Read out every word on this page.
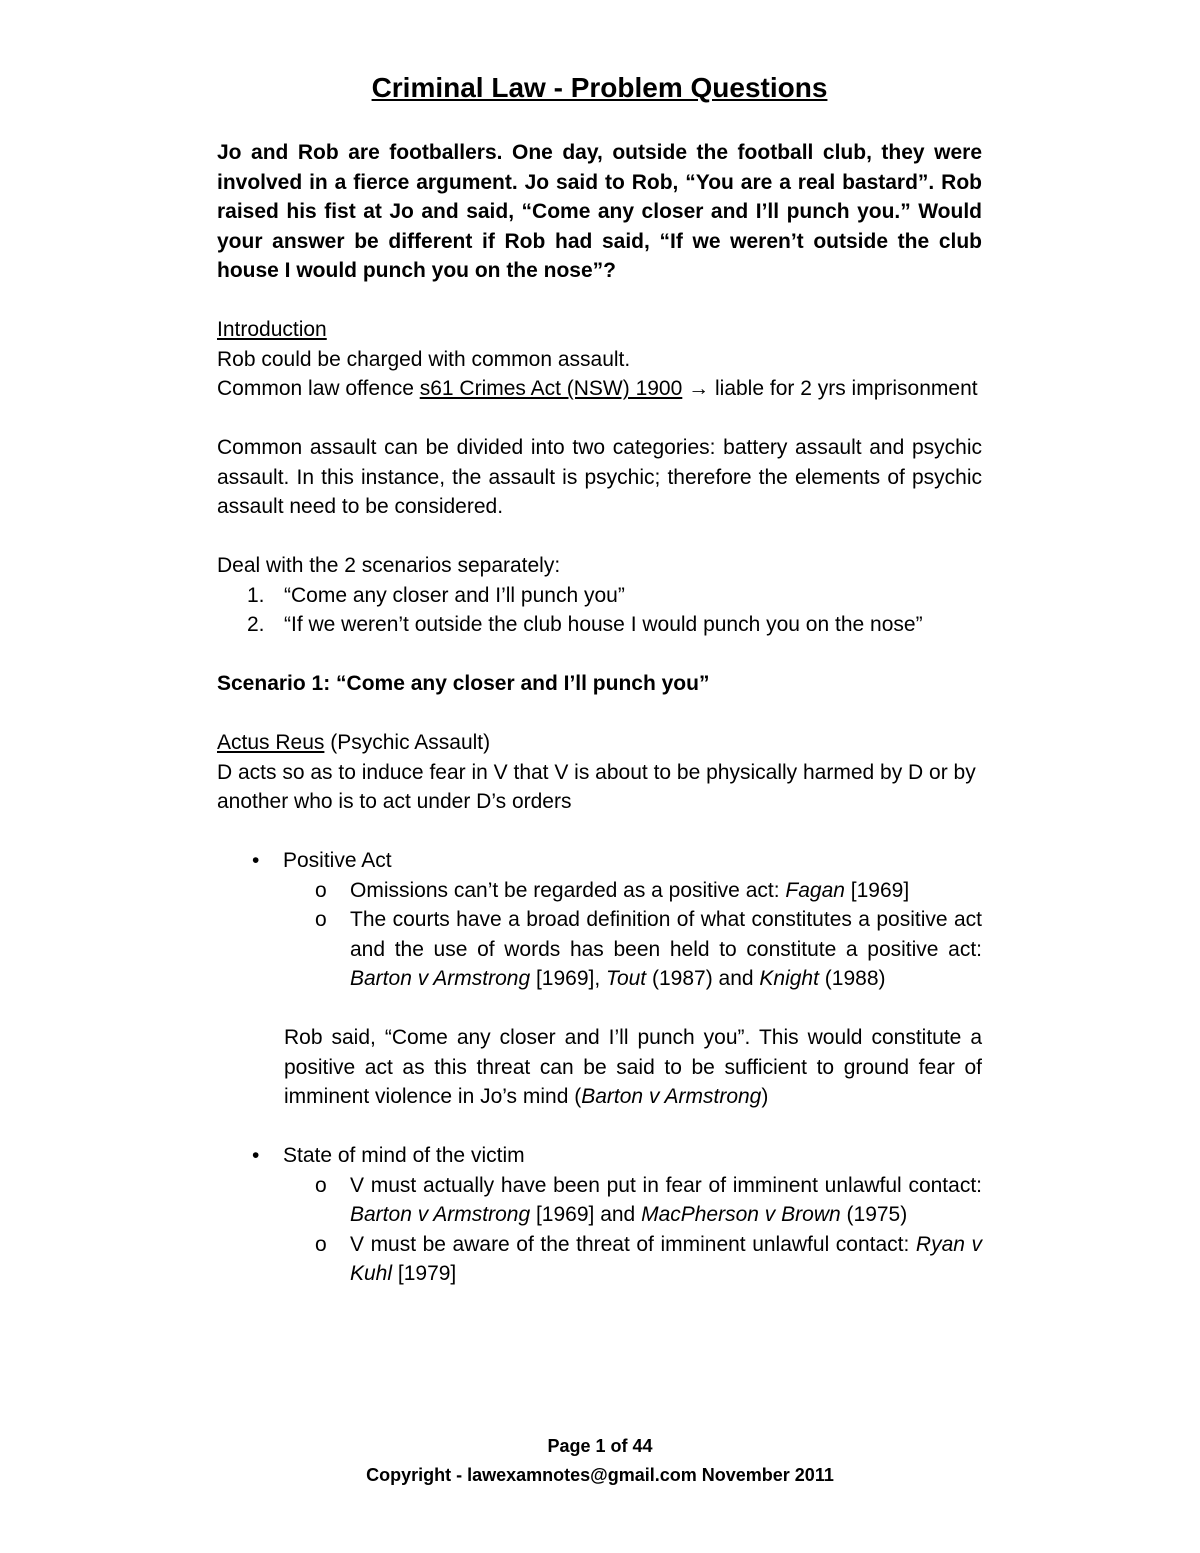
Criminal Law - Problem Questions

Jo and Rob are footballers. One day, outside the football club, they were involved in a fierce argument. Jo said to Rob, “You are a real bastard”. Rob raised his fist at Jo and said, “Come any closer and I’ll punch you.” Would your answer be different if Rob had said, “If we weren’t outside the club house I would punch you on the nose”?

Introduction

Rob could be charged with common assault.

Common law offence s61 Crimes Act (NSW) 1900 → liable for 2 yrs imprisonment

Common assault can be divided into two categories: battery assault and psychic assault. In this instance, the assault is psychic; therefore the elements of psychic assault need to be considered.

Deal with the 2 scenarios separately:

1. “Come any closer and I’ll punch you”
2. “If we weren’t outside the club house I would punch you on the nose”

Scenario 1: “Come any closer and I’ll punch you”

Actus Reus (Psychic Assault)

D acts so as to induce fear in V that V is about to be physically harmed by D or by another who is to act under D’s orders

•	Positive Act
o	Omissions can’t be regarded as a positive act: Fagan [1969]
o	The courts have a broad definition of what constitutes a positive act and the use of words has been held to constitute a positive act: Barton v Armstrong [1969], Tout (1987) and Knight (1988)

Rob said, “Come any closer and I’ll punch you”. This would constitute a positive act as this threat can be said to be sufficient to ground fear of imminent violence in Jo’s mind (Barton v Armstrong)

•	State of mind of the victim
o	V must actually have been put in fear of imminent unlawful contact: Barton v Armstrong [1969] and MacPherson v Brown (1975)
o	V must be aware of the threat of imminent unlawful contact: Ryan v Kuhl [1979]
Page 1 of 44
Copyright - lawexamnotes@gmail.com November 2011
